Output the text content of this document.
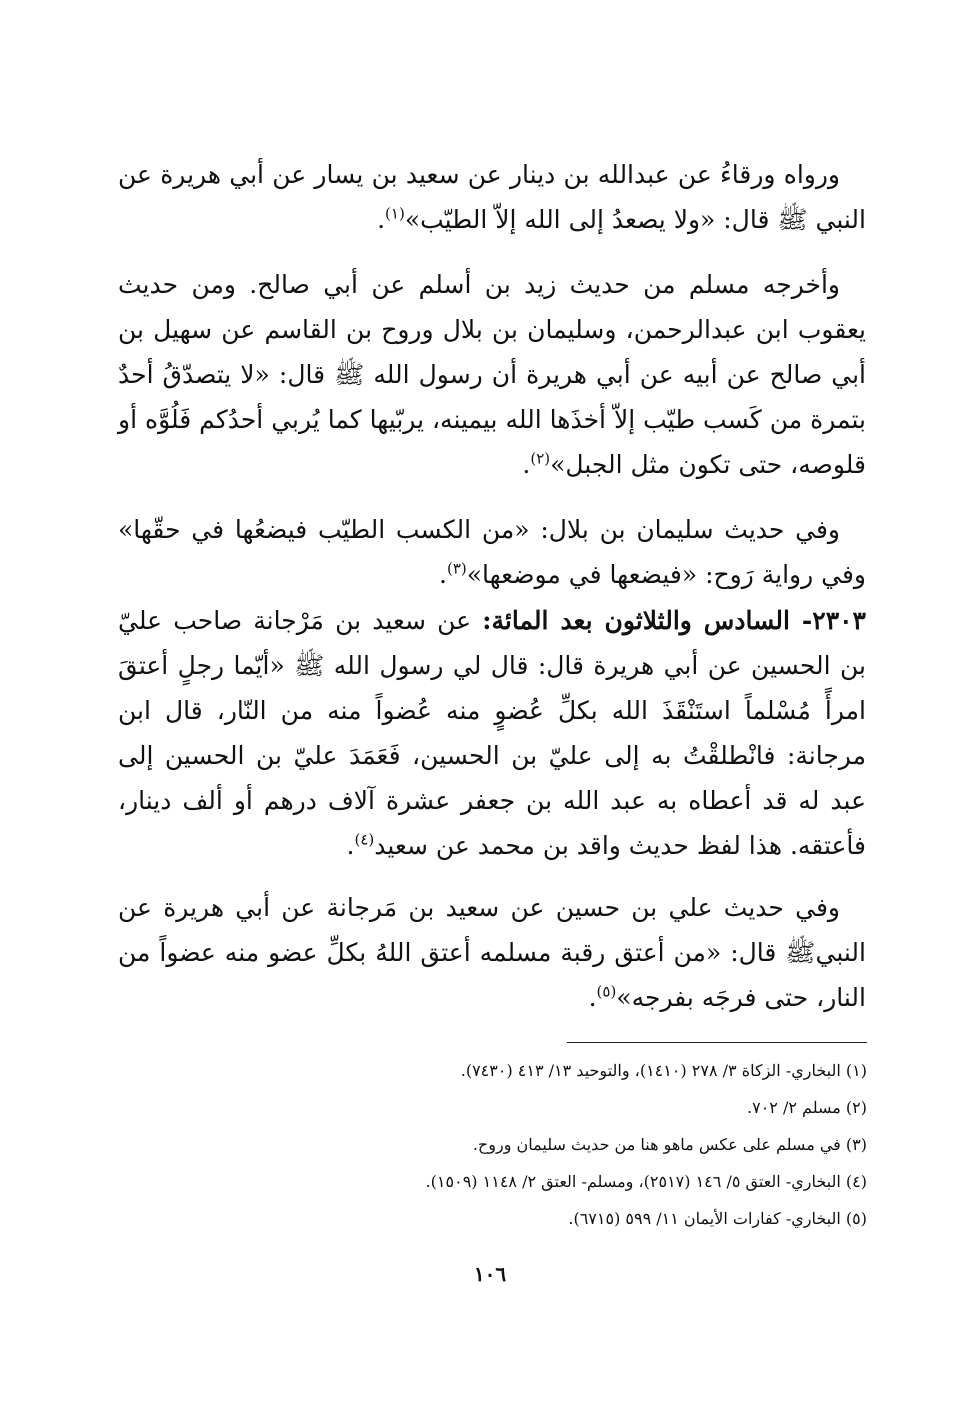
ورواه ورقاءُ عن عبدالله بن دينار عن سعيد بن يسار عن أبي هريرة عن النبي ﷺ قال: «ولا يصعدُ إلى الله إلاّ الطيّب»$^{(١)}$.
وأخرجه مسلم من حديث زيد بن أسلم عن أبي صالح. ومن حديث يعقوب ابن عبدالرحمن، وسليمان بن بلال وروح بن القاسم عن سهيل بن أبي صالح عن أبيه عن أبي هريرة أن رسول الله ﷺ قال: «لا يتصدّقُ أحدٌ بتمرة من كَسب طيّب إلاّ أخذَها الله بيمينه، يربّيها كما يُربي أحدُكم فَلُوَّه أو قلوصه، حتى تكون مثل الجبل»$^{(٢)}$.
وفي حديث سليمان بن بلال: «من الكسب الطيّب فيضعُها في حقّها» وفي رواية رَوح: «فيضعها في موضعها»$^{(٣)}$.
٢٣٠٣- السادس والثلاثون بعد المائة: عن سعيد بن مَرْجانة صاحب عليّ بن الحسين عن أبي هريرة قال: قال لي رسول الله ﷺ «أيّما رجلٍ أعتقَ امرأً مُسْلماً استَنْقَذَ الله بكلِّ عُضوٍ منه عُضواً منه من النّار، قال ابن مرجانة: فانْطلقْتُ به إلى عليّ بن الحسين، فَعَمَدَ عليّ بن الحسين إلى عبد له قد أعطاه به عبد الله بن جعفر عشرة آلاف درهم أو ألف دينار، فأعتقه. هذا لفظ حديث واقد بن محمد عن سعيد$^{(٤)}$.
وفي حديث علي بن حسين عن سعيد بن مَرجانة عن أبي هريرة عن النبيﷺ قال: «من أعتق رقبة مسلمه أعتق اللهُ بكلِّ عضو منه عضواً من النار، حتى فرجَه بفرجه»$^{(٥)}$.
(١) البخاري- الزكاة ٣/ ٢٧٨ (١٤١٠)، والتوحيد ١٣/ ٤١٣ (٧٤٣٠).
(٢) مسلم ٢/ ٧٠٢.
(٣) في مسلم على عكس ماهو هنا من حديث سليمان وروح.
(٤) البخاري- العتق ٥/ ١٤٦ (٢٥١٧)، ومسلم- العتق ٢/ ١١٤٨ (١٥٠٩).
(٥) البخاري- كفارات الأيمان ١١/ ٥٩٩ (٦٧١٥).
١٠٦
